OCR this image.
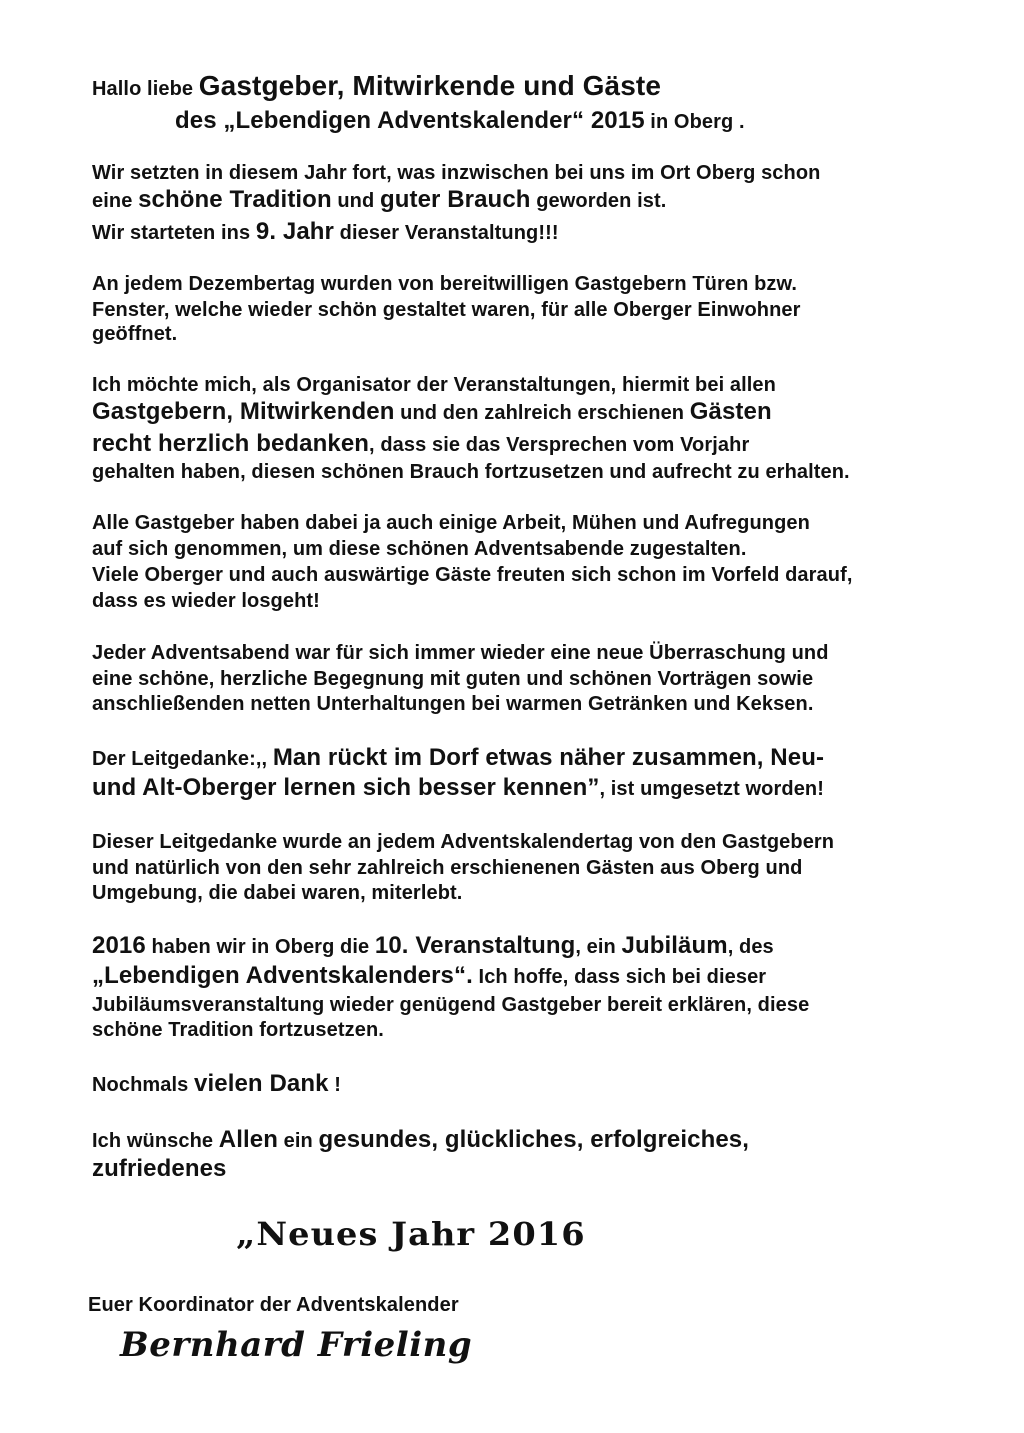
Hallo liebe Gastgeber, Mitwirkende und Gäste
des „Lebendigen Adventskalender“ 2015 in Oberg .
Wir setzten in diesem Jahr fort, was inzwischen bei uns im Ort Oberg schon
eine schöne Tradition und guter Brauch geworden ist.
Wir starteten ins 9. Jahr dieser Veranstaltung!!!
An jedem Dezembertag wurden von bereitwilligen Gastgebern Türen bzw.
Fenster, welche wieder schön gestaltet waren, für alle Oberger Einwohner
geöffnet.
Ich möchte mich, als Organisator der Veranstaltungen, hiermit bei allen
Gastgebern, Mitwirkenden und den zahlreich erschienen Gästen
recht herzlich bedanken, dass sie das Versprechen vom Vorjahr
gehalten haben, diesen schönen Brauch fortzusetzen und aufrecht zu erhalten.
Alle Gastgeber haben dabei ja auch einige Arbeit, Mühen und Aufregungen
auf sich genommen, um diese schönen Adventsabende zugestalten.
Viele Oberger und auch auswärtige Gäste freuten sich schon im Vorfeld darauf,
dass es wieder losgeht!
Jeder Adventsabend war für sich immer wieder eine neue Überraschung und
eine schöne, herzliche Begegnung mit guten und schönen Vorträgen sowie
anschließenden netten Unterhaltungen bei warmen Getränken und Keksen.
Der Leitgedanke:,, Man rückt im Dorf etwas näher zusammen, Neu-
und Alt-Oberger lernen sich besser kennen”, ist umgesetzt worden!
Dieser Leitgedanke wurde an jedem Adventskalendertag von den Gastgebern
und natürlich von den sehr zahlreich erschienenen Gästen aus Oberg und
Umgebung, die dabei waren, miterlebt.
2016 haben wir in Oberg die 10. Veranstaltung, ein Jubiläum, des
„Lebendigen Adventskalenders“. Ich hoffe, dass sich bei dieser
Jubiläumsveranstaltung wieder genügend Gastgeber bereit erklären, diese
schöne Tradition fortzusetzen.
Nochmals vielen Dank !
Ich wünsche Allen ein gesundes, glückliches, erfolgreiches,
zufriedenes
„Neues Jahr 2016
Euer Koordinator der Adventskalender
Bernhard Frieling
